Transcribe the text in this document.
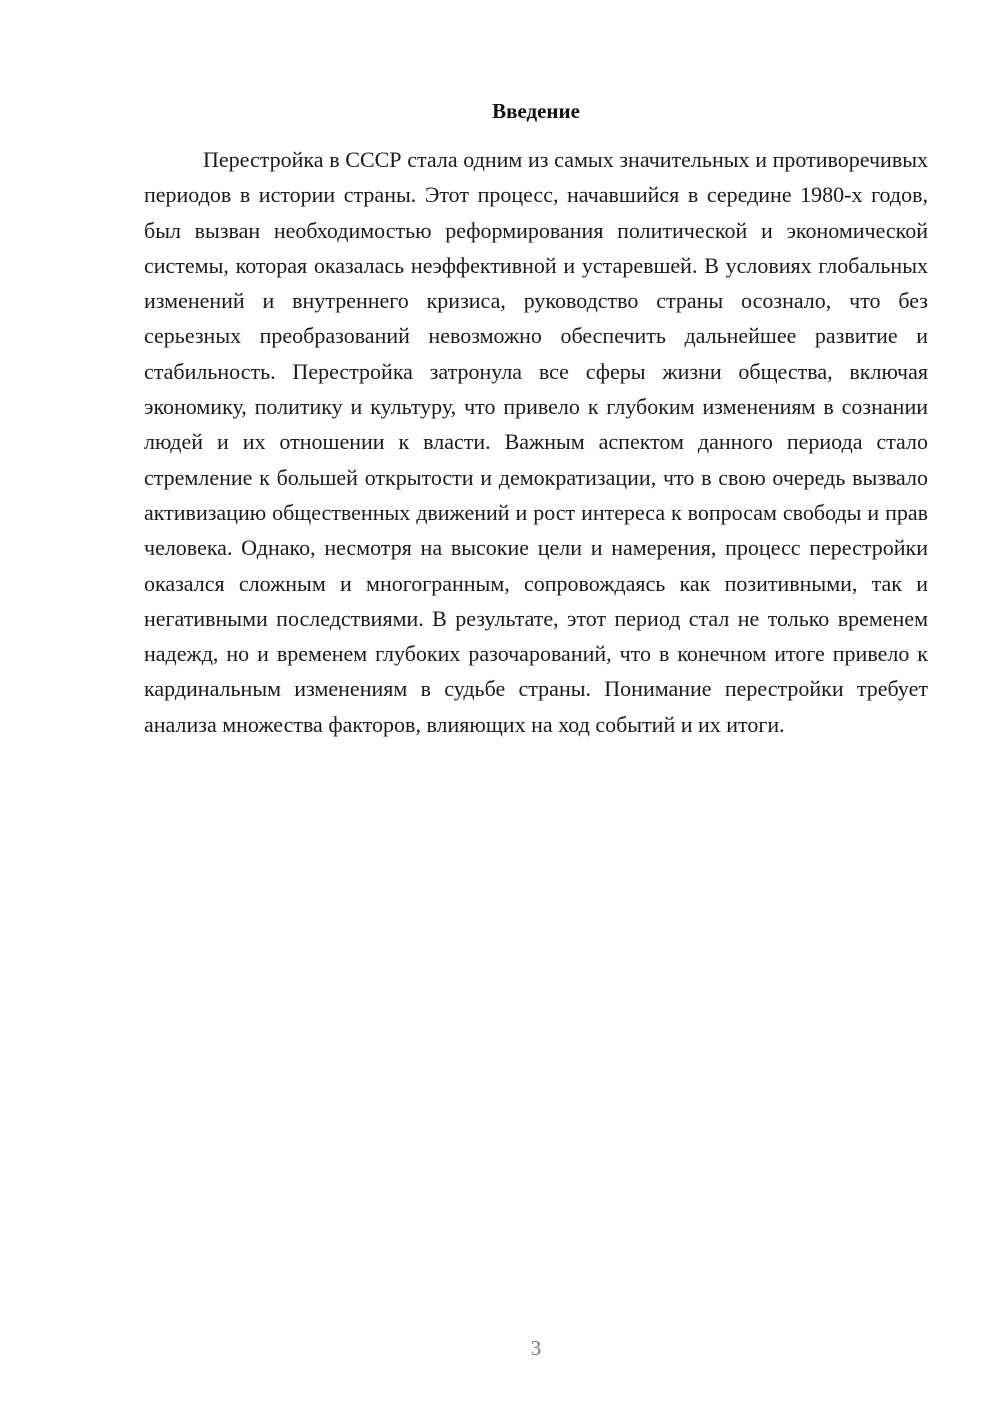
Введение

Перестройка в СССР стала одним из самых значительных и противоречивых периодов в истории страны. Этот процесс, начавшийся в середине 1980-х годов, был вызван необходимостью реформирования политической и экономической системы, которая оказалась неэффективной и устаревшей. В условиях глобальных изменений и внутреннего кризиса, руководство страны осознало, что без серьезных преобразований невозможно обеспечить дальнейшее развитие и стабильность. Перестройка затронула все сферы жизни общества, включая экономику, политику и культуру, что привело к глубоким изменениям в сознании людей и их отношении к власти. Важным аспектом данного периода стало стремление к большей открытости и демократизации, что в свою очередь вызвало активизацию общественных движений и рост интереса к вопросам свободы и прав человека. Однако, несмотря на высокие цели и намерения, процесс перестройки оказался сложным и многогранным, сопровождаясь как позитивными, так и негативными последствиями. В результате, этот период стал не только временем надежд, но и временем глубоких разочарований, что в конечном итоге привело к кардинальным изменениям в судьбе страны. Понимание перестройки требует анализа множества факторов, влияющих на ход событий и их итоги.

3
